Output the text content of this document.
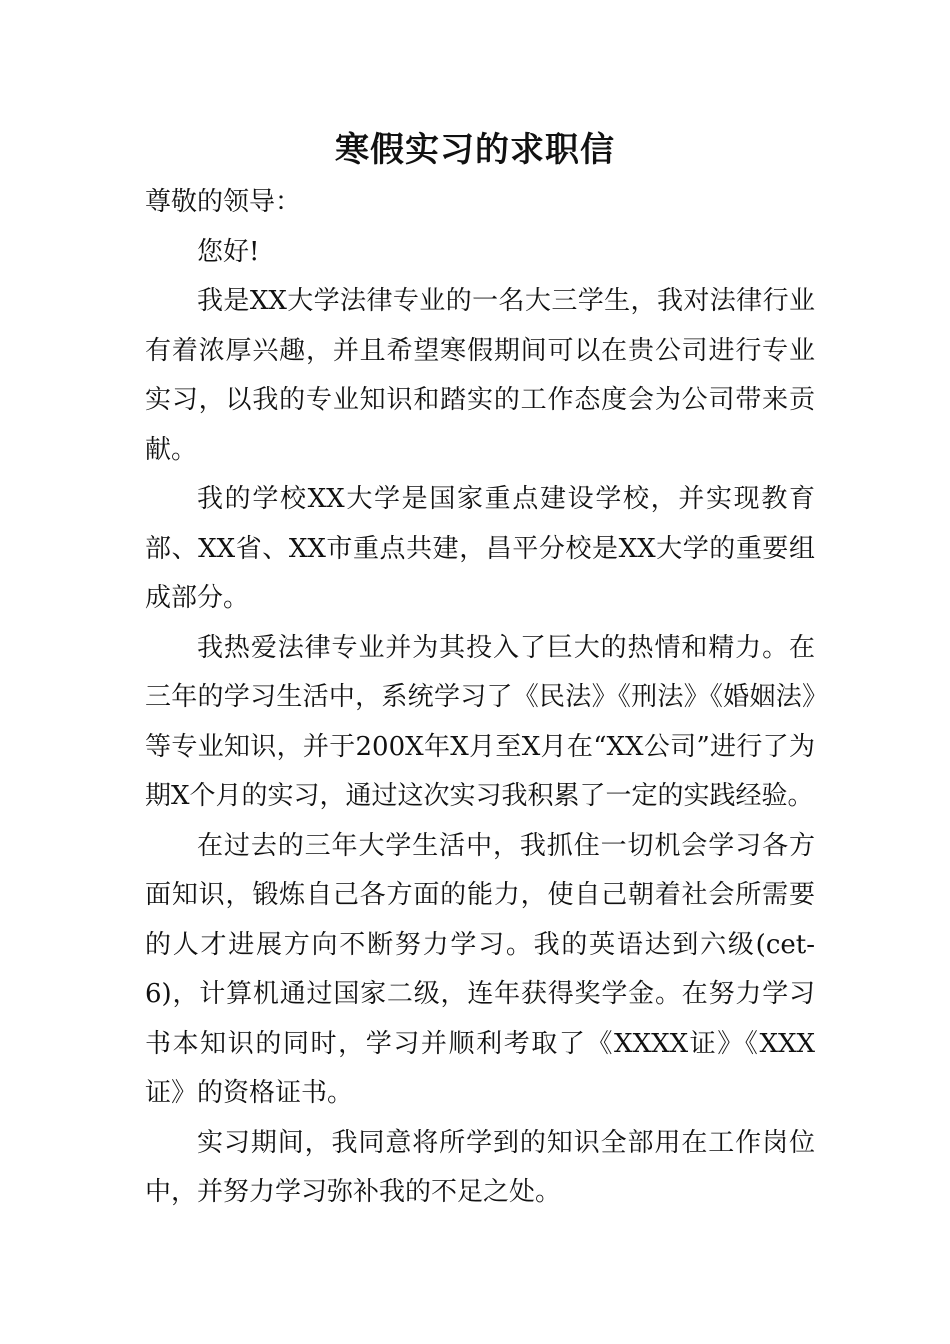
寒假实习的求职信

尊敬的领导：

您好!

我是XX大学法律专业的一名大三学生，我对法律行业有着浓厚兴趣，并且希望寒假期间可以在贵公司进行专业实习，以我的专业知识和踏实的工作态度会为公司带来贡献。

我的学校XX大学是国家重点建设学校，并实现教育部、XX省、XX市重点共建，昌平分校是XX大学的重要组成部分。

我热爱法律专业并为其投入了巨大的热情和精力。在三年的学习生活中，系统学习了《民法》《刑法》《婚姻法》等专业知识，并于200X年X月至X月在“XX公司”进行了为期X个月的实习，通过这次实习我积累了一定的实践经验。

在过去的三年大学生活中，我抓住一切机会学习各方面知识，锻炼自己各方面的能力，使自己朝着社会所需要的人才进展方向不断努力学习。我的英语达到六级(cet-6)，计算机通过国家二级，连年获得奖学金。在努力学习书本知识的同时，学习并顺利考取了《XXXX证》《XXX证》的资格证书。

实习期间，我同意将所学到的知识全部用在工作岗位中，并努力学习弥补我的不足之处。
